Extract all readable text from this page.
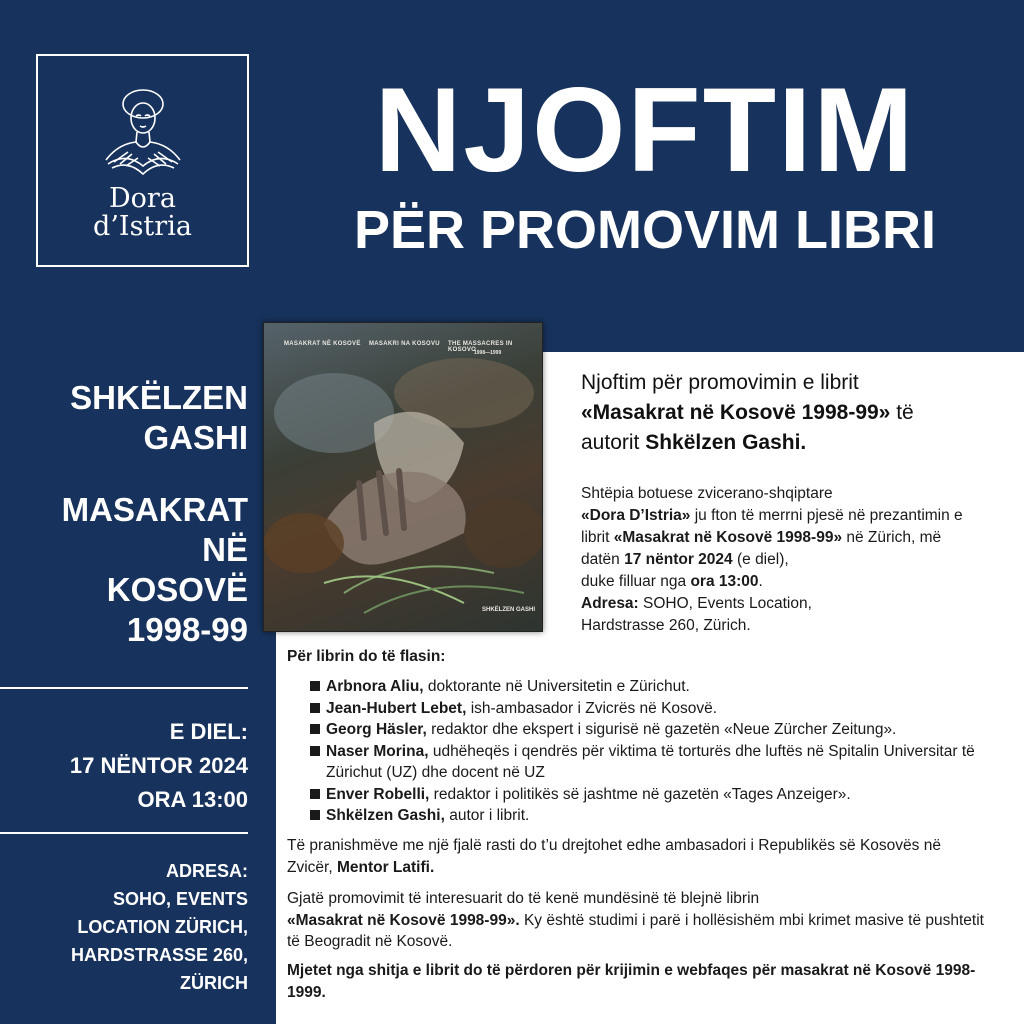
Dora
d’Istria
NJOFTIM
PËR PROMOVIM LIBRI
SHKËLZEN
GASHI
MASAKRAT
NË
KOSOVË
1998-99
E DIEL:
17 NËNTOR 2024
ORA 13:00
ADRESA:
SOHO, EVENTS
LOCATION ZÜRICH,
HARDSTRASSE 260,
ZÜRICH
MASAKRAT NË KOSOVË MASAKRI NA KOSOVU THE MASSACRES IN KOSOVO
1998—1999
SHKËLZEN GASHI
Njoftim për promovimin e librit
«Masakrat në Kosovë 1998-99» të
autorit Shkëlzen Gashi.
Shtëpia botuese zvicerano-shqiptare
«Dora D’Istria» ju fton të merrni pjesë në prezantimin e
librit «Masakrat në Kosovë 1998-99» në Zürich, më
datën 17 nëntor 2024 (e diel),
duke filluar nga ora 13:00.
Adresa: SOHO, Events Location,
Hardstrasse 260, Zürich.
Për librin do të flasin:
Arbnora Aliu, doktorante në Universitetin e Zürichut.
Jean-Hubert Lebet, ish-ambasador i Zvicrës në Kosovë.
Georg Häsler, redaktor dhe ekspert i sigurisë në gazetën «Neue Zürcher Zeitung».
Naser Morina, udhëheqës i qendrës për viktima të torturës dhe luftës në Spitalin Universitar të Zürichut (UZ) dhe docent në UZ
Enver Robelli, redaktor i politikës së jashtme në gazetën «Tages Anzeiger».
Shkëlzen Gashi, autor i librit.
Të pranishmëve me një fjalë rasti do t’u drejtohet edhe ambasadori i Republikës së Kosovës në Zvicër, Mentor Latifi.
Gjatë promovimit të interesuarit do të kenë mundësinë të blejnë librin
«Masakrat në Kosovë 1998-99». Ky është studimi i parë i hollësishëm mbi krimet masive të pushtetit të Beogradit në Kosovë.
Mjetet nga shitja e librit do të përdoren për krijimin e webfaqes për masakrat në Kosovë 1998-1999.
